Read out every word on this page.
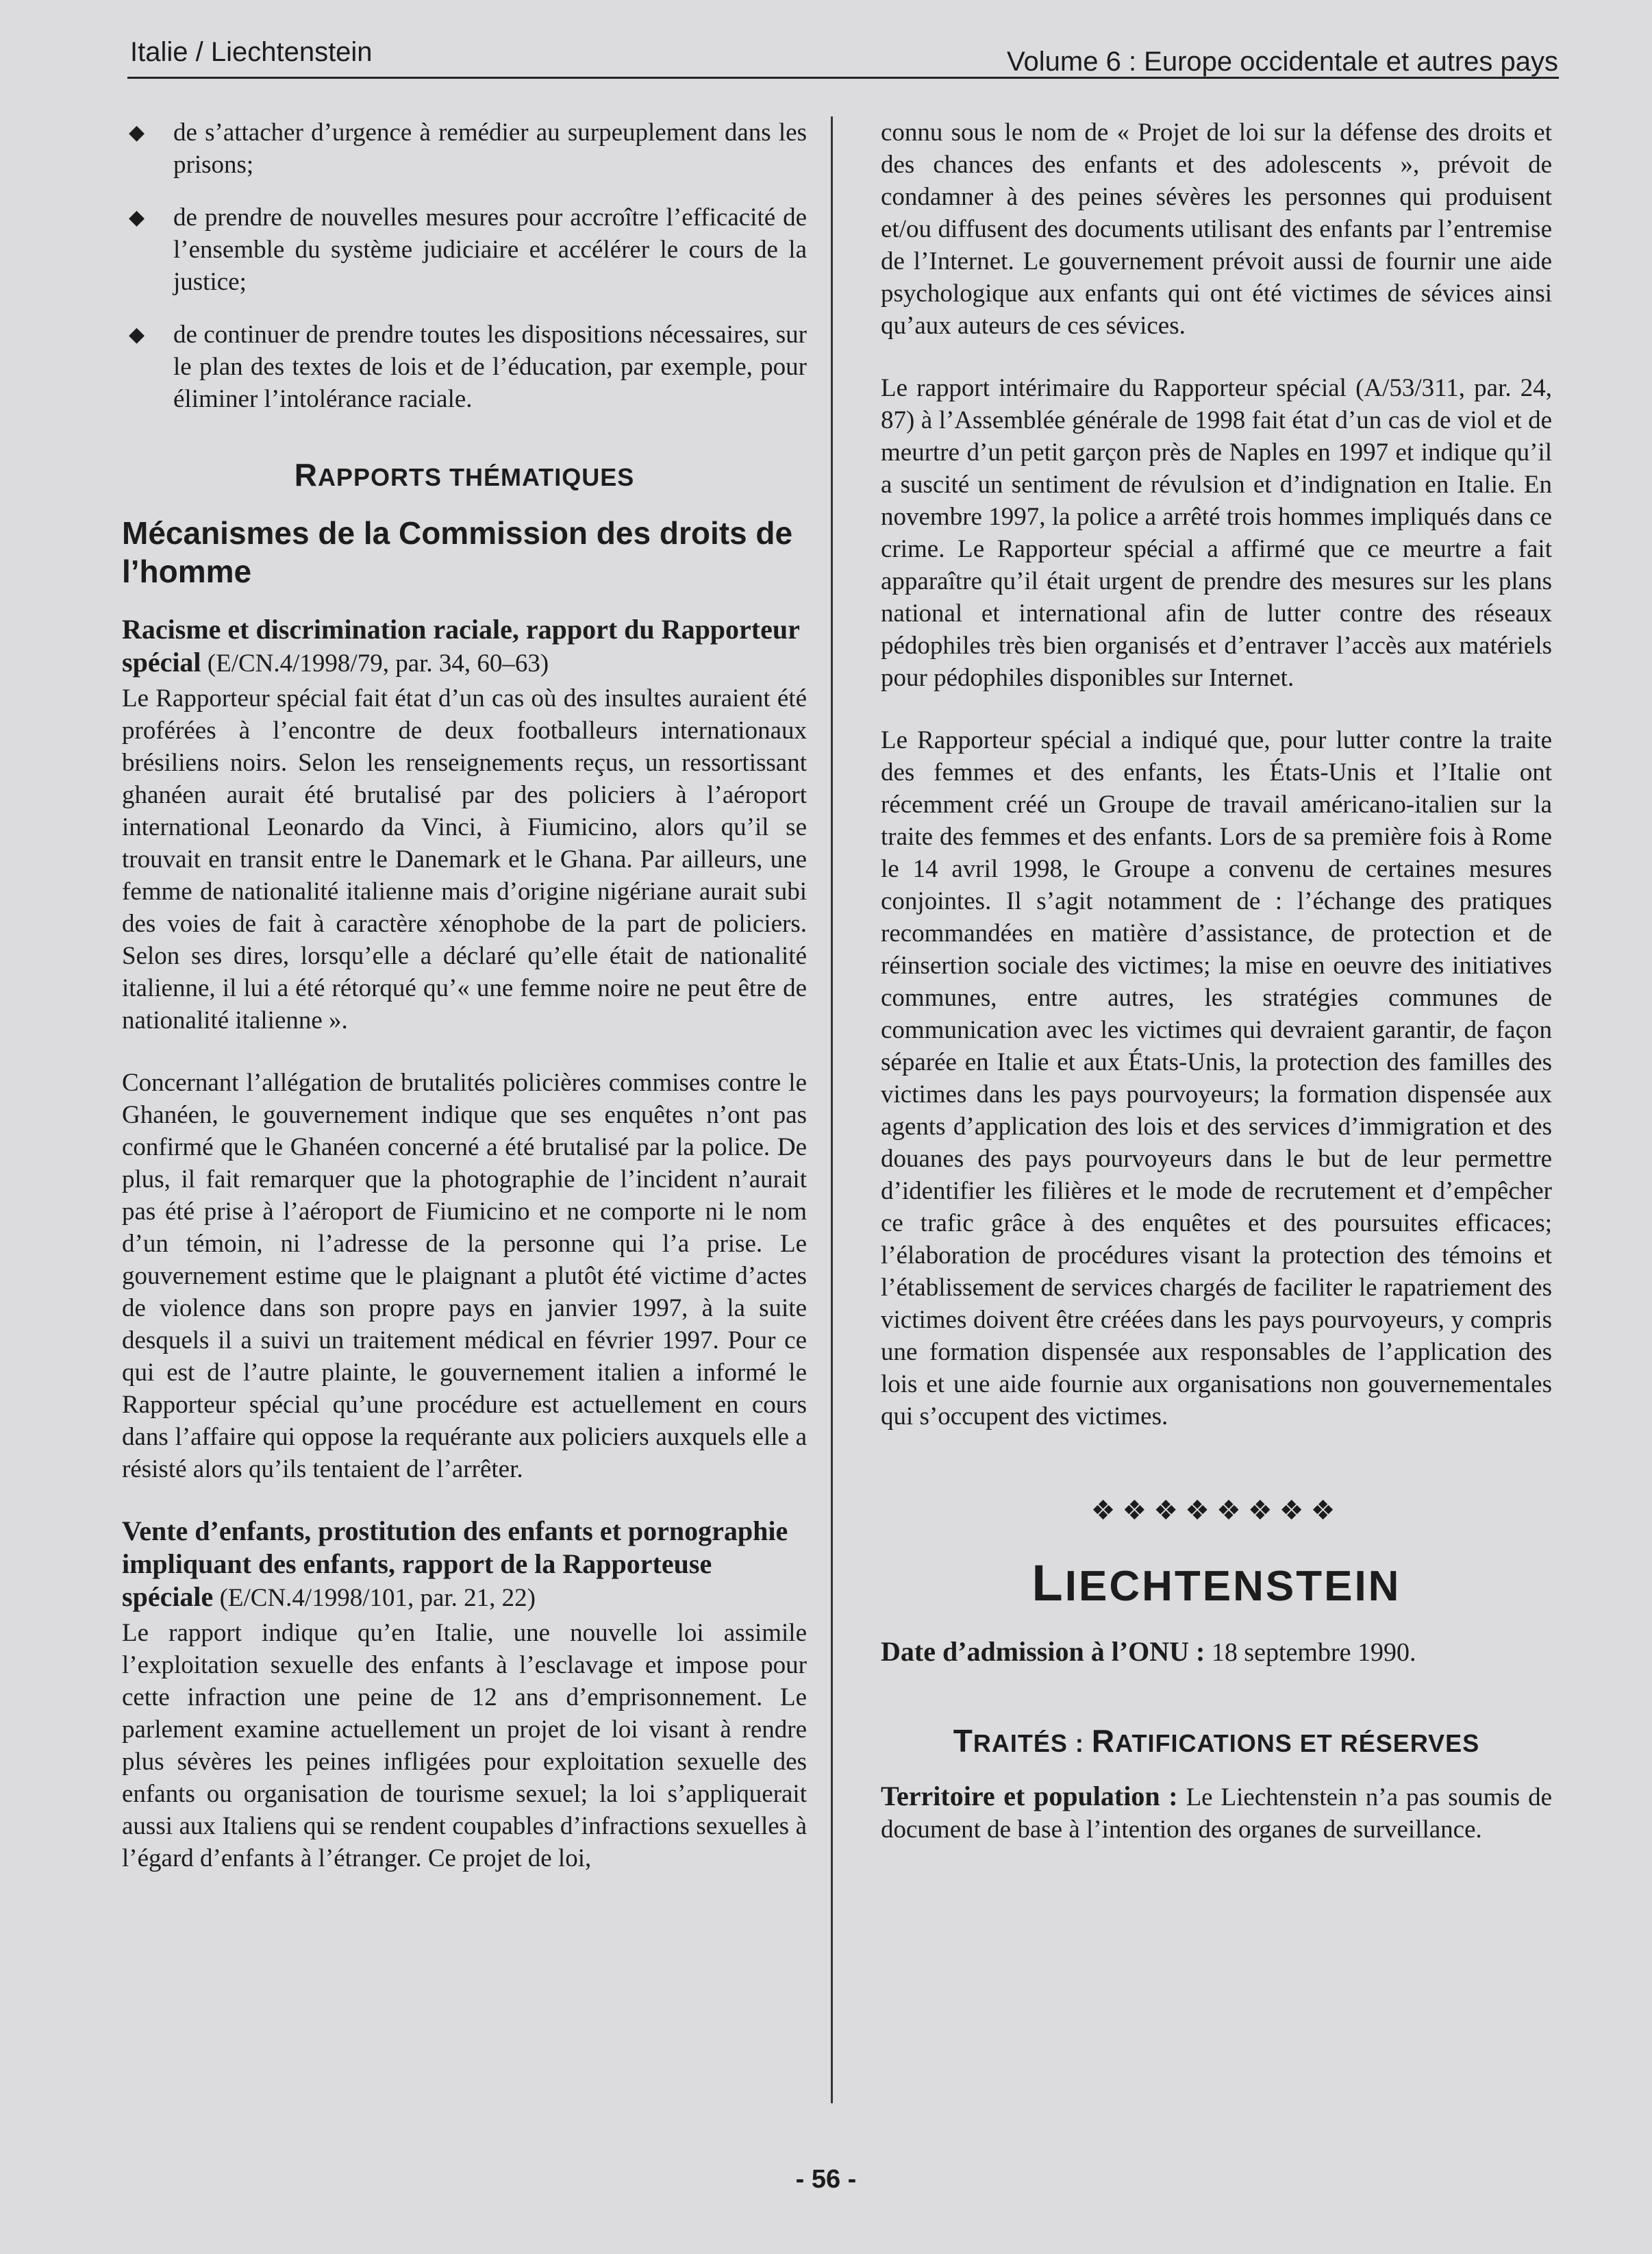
Italie / Liechtenstein	Volume 6 : Europe occidentale et autres pays
◆ de s’attacher d’urgence à remédier au surpeuplement dans les prisons;
◆ de prendre de nouvelles mesures pour accroître l’efficacité de l’ensemble du système judiciaire et accélérer le cours de la justice;
◆ de continuer de prendre toutes les dispositions nécessaires, sur le plan des textes de lois et de l’éducation, par exemple, pour éliminer l’intolérance raciale.
RAPPORTS THÉMATIQUES
Mécanismes de la Commission des droits de l’homme
Racisme et discrimination raciale, rapport du Rapporteur spécial (E/CN.4/1998/79, par. 34, 60–63)

Le Rapporteur spécial fait état d’un cas où des insultes auraient été proférées à l’encontre de deux footballeurs internationaux brésiliens noirs. Selon les renseignements reçus, un ressortissant ghanéen aurait été brutalisé par des policiers à l’aéroport international Leonardo da Vinci, à Fiumicino, alors qu’il se trouvait en transit entre le Danemark et le Ghana. Par ailleurs, une femme de nationalité italienne mais d’origine nigériane aurait subi des voies de fait à caractère xénophobe de la part de policiers. Selon ses dires, lorsqu’elle a déclaré qu’elle était de nationalité italienne, il lui a été rétorqué qu’« une femme noire ne peut être de nationalité italienne ».

Concernant l’allégation de brutalités policières commises contre le Ghanéen, le gouvernement indique que ses enquêtes n’ont pas confirmé que le Ghanéen concerné a été brutalisé par la police. De plus, il fait remarquer que la photographie de l’incident n’aurait pas été prise à l’aéroport de Fiumicino et ne comporte ni le nom d’un témoin, ni l’adresse de la personne qui l’a prise. Le gouvernement estime que le plaignant a plutôt été victime d’actes de violence dans son propre pays en janvier 1997, à la suite desquels il a suivi un traitement médical en février 1997. Pour ce qui est de l’autre plainte, le gouvernement italien a informé le Rapporteur spécial qu’une procédure est actuellement en cours dans l’affaire qui oppose la requérante aux policiers auxquels elle a résisté alors qu’ils tentaient de l’arrêter.

Vente d’enfants, prostitution des enfants et pornographie impliquant des enfants, rapport de la Rapporteuse spéciale (E/CN.4/1998/101, par. 21, 22)

Le rapport indique qu’en Italie, une nouvelle loi assimile l’exploitation sexuelle des enfants à l’esclavage et impose pour cette infraction une peine de 12 ans d’emprisonnement. Le parlement examine actuellement un projet de loi visant à rendre plus sévères les peines infligées pour exploitation sexuelle des enfants ou organisation de tourisme sexuel; la loi s’appliquerait aussi aux Italiens qui se rendent coupables d’infractions sexuelles à l’égard d’enfants à l’étranger. Ce projet de loi,

connu sous le nom de « Projet de loi sur la défense des droits et des chances des enfants et des adolescents », prévoit de condamner à des peines sévères les personnes qui produisent et/ou diffusent des documents utilisant des enfants par l’entremise de l’Internet. Le gouvernement prévoit aussi de fournir une aide psychologique aux enfants qui ont été victimes de sévices ainsi qu’aux auteurs de ces sévices.

Le rapport intérimaire du Rapporteur spécial (A/53/311, par. 24, 87) à l’Assemblée générale de 1998 fait état d’un cas de viol et de meurtre d’un petit garçon près de Naples en 1997 et indique qu’il a suscité un sentiment de révulsion et d’indignation en Italie. En novembre 1997, la police a arrêté trois hommes impliqués dans ce crime. Le Rapporteur spécial a affirmé que ce meurtre a fait apparaître qu’il était urgent de prendre des mesures sur les plans national et international afin de lutter contre des réseaux pédophiles très bien organisés et d’entraver l’accès aux matériels pour pédophiles disponibles sur Internet.

Le Rapporteur spécial a indiqué que, pour lutter contre la traite des femmes et des enfants, les États-Unis et l’Italie ont récemment créé un Groupe de travail américano-italien sur la traite des femmes et des enfants. Lors de sa première fois à Rome le 14 avril 1998, le Groupe a convenu de certaines mesures conjointes. Il s’agit notamment de : l’échange des pratiques recommandées en matière d’assistance, de protection et de réinsertion sociale des victimes; la mise en oeuvre des initiatives communes, entre autres, les stratégies communes de communication avec les victimes qui devraient garantir, de façon séparée en Italie et aux États-Unis, la protection des familles des victimes dans les pays pourvoyeurs; la formation dispensée aux agents d’application des lois et des services d’immigration et des douanes des pays pourvoyeurs dans le but de leur permettre d’identifier les filières et le mode de recrutement et d’empêcher ce trafic grâce à des enquêtes et des poursuites efficaces; l’élaboration de procédures visant la protection des témoins et l’établissement de services chargés de faciliter le rapatriement des victimes doivent être créées dans les pays pourvoyeurs, y compris une formation dispensée aux responsables de l’application des lois et une aide fournie aux organisations non gouvernementales qui s’occupent des victimes.

❖❖❖❖❖❖❖❖
LIECHTENSTEIN
Date d’admission à l’ONU : 18 septembre 1990.
TRAITÉS : RATIFICATIONS ET RÉSERVES

Territoire et population : Le Liechtenstein n’a pas soumis de document de base à l’intention des organes de surveillance.

- 56 -
